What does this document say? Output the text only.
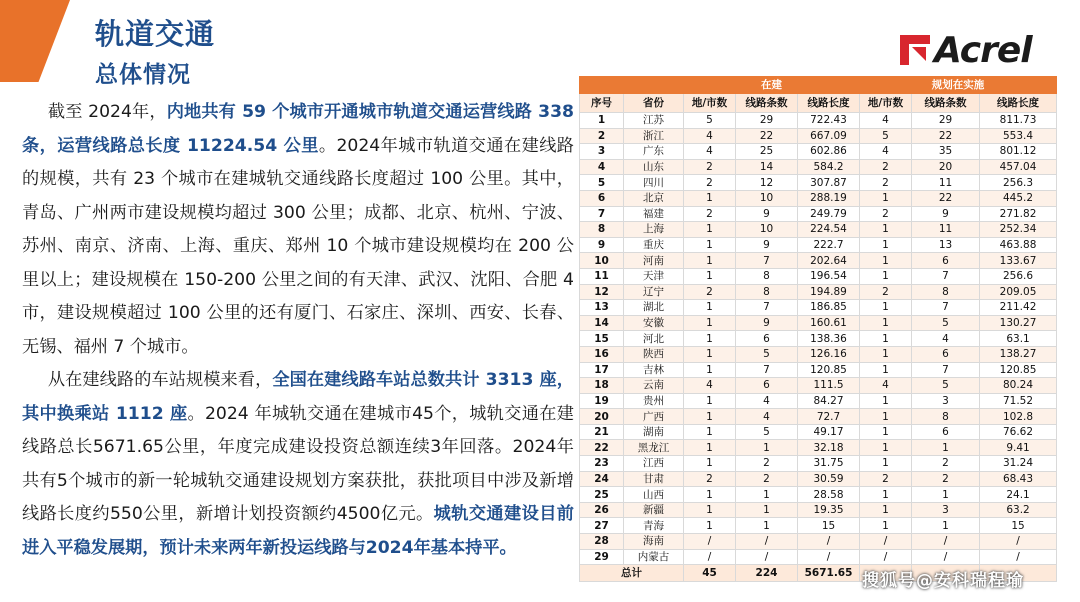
轨道交通
总体情况
Acrel

  截至 2024年，内地共有 59 个城市开通城市轨道交通运营线路 338 条，运营线路总长度 11224.54 公里。2024年城市轨道交通在建线路的规模，共有 23 个城市在建城轨交通线路长度超过 100 公里。其中，青岛、广州两市建设规模均超过 300 公里；成都、北京、杭州、宁波、苏州、南京、济南、上海、重庆、郑州 10 个城市建设规模均在 200 公里以上；建设规模在 150-200 公里之间的有天津、武汉、沈阳、合肥 4 市，建设规模超过 100 公里的还有厦门、石家庄、深圳、西安、长春、无锡、福州 7 个城市。

  从在建线路的车站规模来看，全国在建线路车站总数共计 3313 座，其中换乘站 1112 座。2024 年城轨交通在建城市45个，城轨交通在建线路总长5671.65公里，年度完成建设投资总额连续3年回落。2024年共有5个城市的新一轮城轨交通建设规划方案获批，获批项目中涉及新增线路长度约550公里，新增计划投资额约4500亿元。城轨交通建设目前进入平稳发展期，预计未来两年新投运线路与2024年基本持平。

		在建			规划在实施		
序号	省份	地/市数	线路条数	线路长度	地/市数	线路条数	线路长度
1	江苏	5	29	722.43	4	29	811.73
2	浙江	4	22	667.09	5	22	553.4
3	广东	4	25	602.86	4	35	801.12
4	山东	2	14	584.2	2	20	457.04
5	四川	2	12	307.87	2	11	256.3
6	北京	1	10	288.19	1	22	445.2
7	福建	2	9	249.79	2	9	271.82
8	上海	1	10	224.54	1	11	252.34
9	重庆	1	9	222.7	1	13	463.88
10	河南	1	7	202.64	1	6	133.67
11	天津	1	8	196.54	1	7	256.6
12	辽宁	2	8	194.89	2	8	209.05
13	湖北	1	7	186.85	1	7	211.42
14	安徽	1	9	160.61	1	5	130.27
15	河北	1	6	138.36	1	4	63.1
16	陕西	1	5	126.16	1	6	138.27
17	吉林	1	7	120.85	1	7	120.85
18	云南	4	6	111.5	4	5	80.24
19	贵州	1	4	84.27	1	3	71.52
20	广西	1	4	72.7	1	8	102.8
21	湖南	1	5	49.17	1	6	76.62
22	黑龙江	1	1	32.18	1	1	9.41
23	江西	1	2	31.75	1	2	31.24
24	甘肃	2	2	30.59	2	2	68.43
25	山西	1	1	28.58	1	1	24.1
26	新疆	1	1	19.35	1	3	63.2
27	青海	1	1	15	1	1	15
28	海南	/	/	/	/	/	/
29	内蒙古	/	/	/	/	/	/
总计		45	224	5671.65			搜狐号@安科瑞程瑜
